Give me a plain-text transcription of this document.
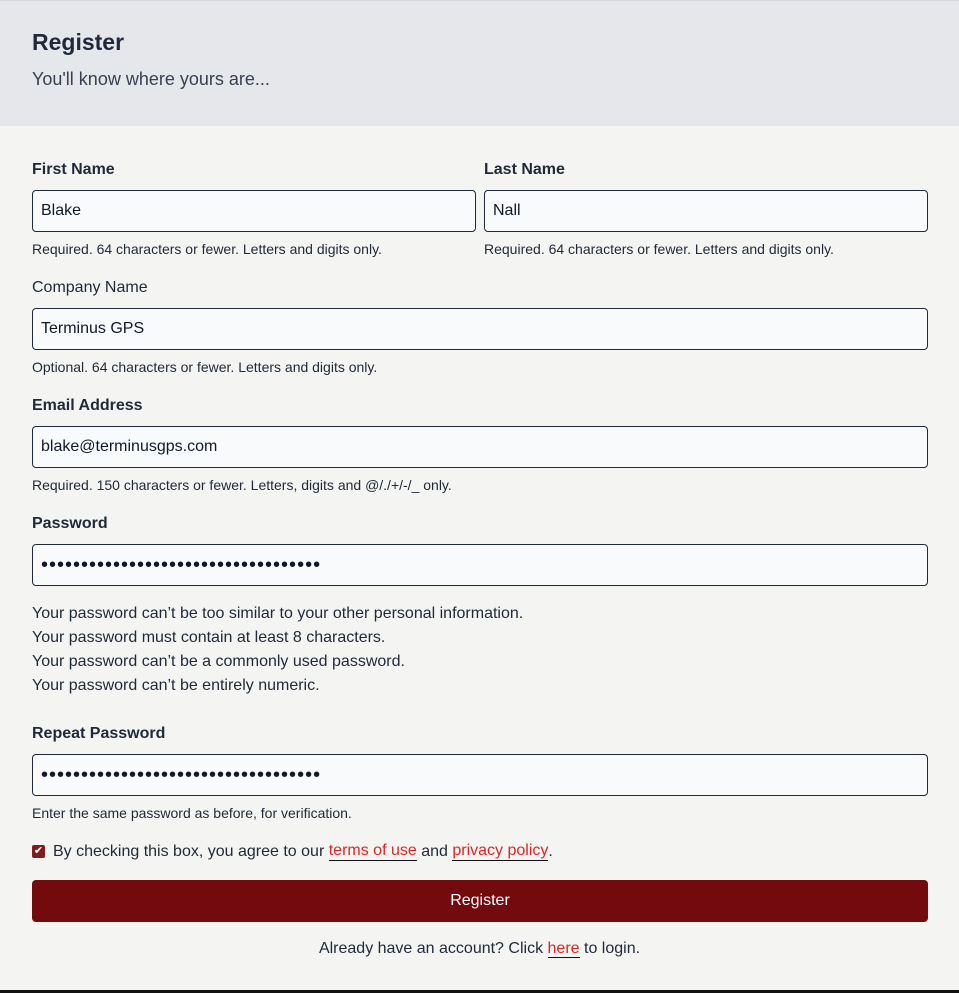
Register
You'll know where yours are...
First Name
Blake
Required. 64 characters or fewer. Letters and digits only.
Last Name
Nall
Required. 64 characters or fewer. Letters and digits only.
Company Name
Terminus GPS
Optional. 64 characters or fewer. Letters and digits only.
Email Address
blake@terminusgps.com
Required. 150 characters or fewer. Letters, digits and @/./+/-/_ only.
Password
•••••••••••••••••••••••••••••••••••
Your password can’t be too similar to your other personal information.
Your password must contain at least 8 characters.
Your password can’t be a commonly used password.
Your password can’t be entirely numeric.
Repeat Password
•••••••••••••••••••••••••••••••••••
Enter the same password as before, for verification.
✔ By checking this box, you agree to our
terms of use
and
privacy policy .
Register
Already have an account? Click here to login.
